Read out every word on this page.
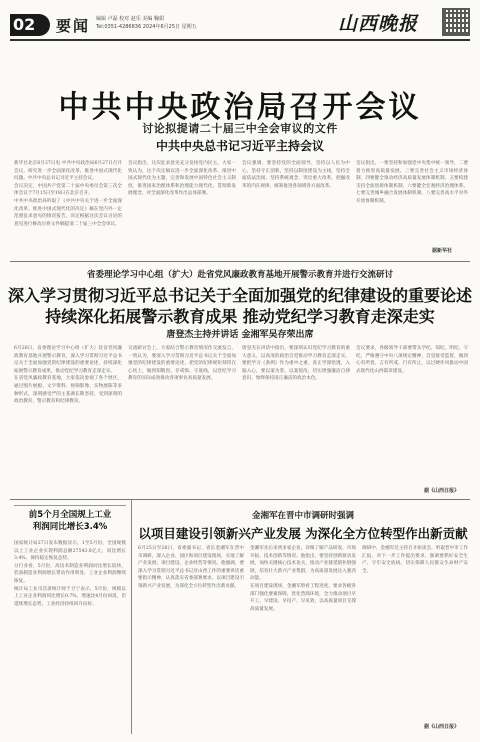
02	要闻 编辑 卢磊 校对 赵乐 美编 鞠娟
Tel:0351-4286836 2024年6月25日 星期五	山西晚报
中共中央政治局召开会议
讨论拟提请二十届三中全会审议的文件
中共中央总书记习近平主持会议

新华社北京6月27日电 中共中央政治局6月27日召开会议，研究进一步全面深化改革、推进中国式现代化问题。中共中央总书记习近平主持会议。

会议决定，中国共产党第二十届中央委员会第三次全体会议于7月15日至18日在北京召开。

中共中央政治局听取了《中共中央关于进一步全面深化改革、推进中国式现代化的决定》稿在党内外一定范围征求意见的情况报告，决定根据这次会议讨论的意见进行修改后将文件稿提请二十届三中全会审议。

会议指出，这次征求意见充分发扬党内民主，大家一致认为，这个决定稿以进一步全面深化改革、推进中国式现代化为主题，完善和发展中国特色社会主义制度，推进国家治理体系和治理能力现代化，贯彻新发展理念，对全面深化改革作出总体部署。

会议强调，要坚持党的全面领导，坚持以人民为中心，坚持守正创新，坚持以制度建设为主线，坚持全面依法治国，坚持系统观念，突出重大改革，把握改革的内在规律，统筹推进各领域各方面改革。

会议指出，一要坚持和加强党中央集中统一领导，二要着力推进高质量发展，三要完善社会主义市场经济体制，四要健全推动经济高质量发展体制机制，五要构建支持全面创新体制机制，六要健全宏观经济治理体系，七要完善城乡融合发展体制机制，八要完善高水平对外开放体制机制。

据新华社
省委理论学习中心组（扩大）赴省党风廉政教育基地开展警示教育并进行交流研讨
深入学习贯彻习近平总书记关于全面加强党的纪律建设的重要论述
持续深化拓展警示教育成果 推动党纪学习教育走深走实
唐登杰主持并讲话 金湘军吴存荣出席

6月26日，省委理论学习中心组（扩大）赴省党风廉政教育基地开展警示教育，深入学习贯彻习近平总书记关于全面加强党的纪律建设的重要论述，持续深化拓展警示教育成果，推动党纪学习教育走深走实。

在省党风廉政教育基地，大家依次参观了各个展区，通过图片展板、文字资料、视频影像、实物展陈等多种形式，深刻感受严的主基调长期坚持，受到深刻的政治教育、警示教育和纪律教育。

交流研讨会上，大家结合警示教育情况作交流发言，一致认为，要深入学习贯彻习近平总书记关于全面加强党的纪律建设的重要论述，把党的纪律规矩刻印在心坎上，做到知敬畏、存戒惧、守底线，以党纪学习教育的实际成效推动各项事业高质量发展。

唐登杰在讲话中指出，要深刻认识党纪学习教育的重大意义，以高度的政治自觉推动学习教育走深走实，要把学习《条例》作为重中之重，真正学深悟透、入脑入心，要以案为鉴、以案促改，切实增强廉洁自律意识，始终保持清正廉洁的政治本色。

会议要求，各级领导干部要带头学纪、知纪、明纪、守纪，严格遵守中央八项规定精神，自觉接受监督，做到心有所畏、言有所戒、行有所止，以过硬作风推动中国式现代化山西篇章建设。

据《山西日报》
前5个月全国规上工业
利润同比增长3.4%

国家统计局27日发布数据显示，1至5月份，全国规模以上工业企业实现利润总额27543.8亿元，同比增长3.4%，保持稳定恢复态势。

分行业看，5月份，高技术制造业利润同比增长较快，装备制造业利润增长带动作用明显，工业企业利润继续恢复。

统计局工业司首席统计师于卫宁表示，5月份，规模以上工业企业利润同比增长0.7%，增速比4月份回落，但延续增长态势，工业经济持续回升向好。

金湘军在晋中市调研时强调
以项目建设引领新兴产业发展 为深化全方位转型作出新贡献

6月25日至26日，省委副书记、省长金湘军在晋中市调研，深入企业、园区和项目建设现场，实地了解产业发展、项目建设、企业经营等情况。他强调，要深入学习贯彻习近平总书记对山西工作的重要讲话重要指示精神，认真落实省委部署要求，以项目建设引领新兴产业发展，为深化全方位转型作出新贡献。

金湘军先后来到多家企业，详细了解产品研发、市场开拓、技术创新等情况。他指出，要坚持创新驱动发展，加快关键核心技术攻关，推动产业链延链补链强链，培育壮大新兴产业集群，为高质量发展注入强劲动能。

在项目建设现场，金湘军察看工程进度，要求各级各部门强化要素保障，优化营商环境，全力推动项目早开工、早建设、早投产、早见效，以高质量项目支撑高质量发展。

调研中，金湘军还主持召开座谈会，听取晋中市工作汇报，对下一步工作提出要求，强调要抓好安全生产，守牢安全底线，切实保障人民群众生命财产安全。

据《山西日报》
